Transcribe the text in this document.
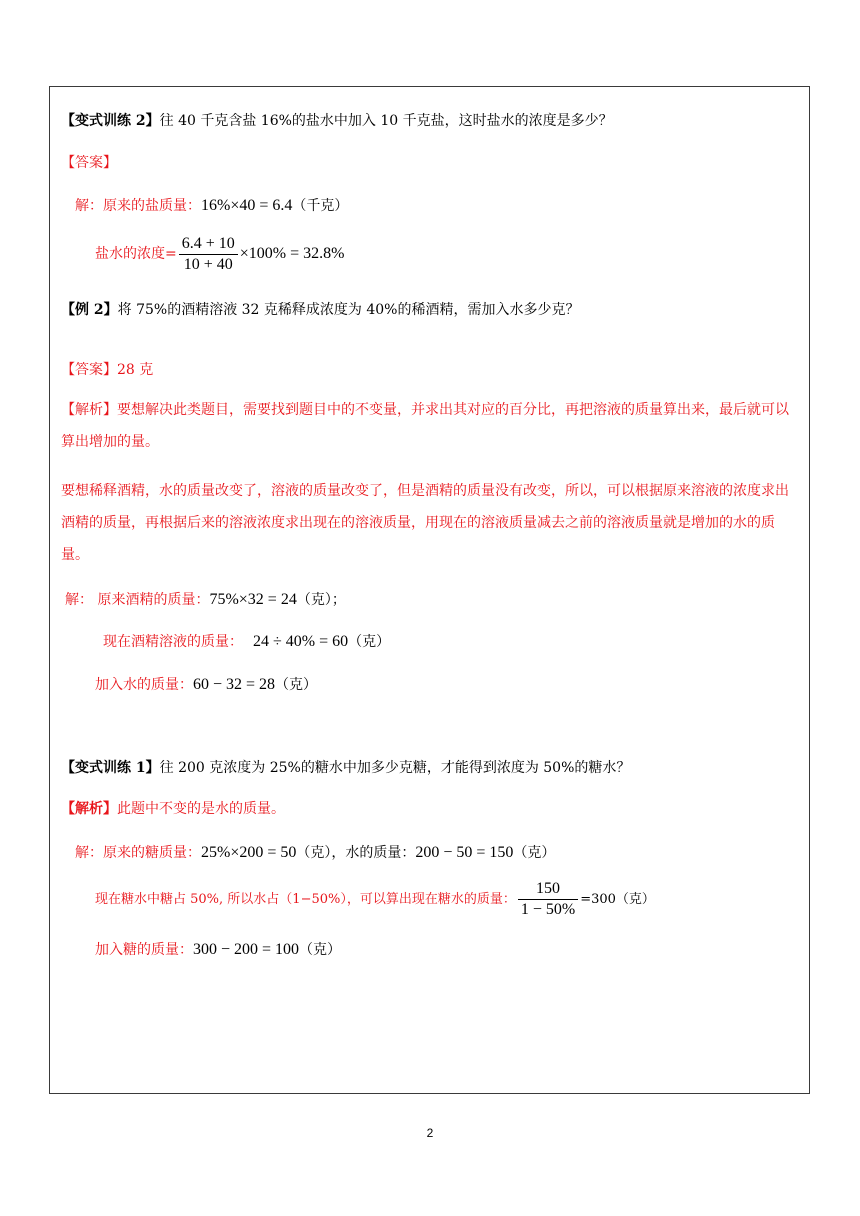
【变式训练 2】往 40 千克含盐 16%的盐水中加入 10 千克盐，这时盐水的浓度是多少？
【答案】
解：原来的盐质量：16%×40 = 6.4（千克）
盐水的浓度= $\frac{6.4 + 10}{10 + 40} \times 100\% = 32.8\%$
【例 2】将 75%的酒精溶液 32 克稀释成浓度为 40%的稀酒精，需加入水多少克？
【答案】28 克
【解析】要想解决此类题目，需要找到题目中的不变量，并求出其对应的百分比，再把溶液的质量算出来，最后就可以算出增加的量。
要想稀释酒精，水的质量改变了，溶液的质量改变了，但是酒精的质量没有改变，所以，可以根据原来溶液的浓度求出酒精的质量，再根据后来的溶液浓度求出现在的溶液质量，用现在的溶液质量减去之前的溶液质量就是增加的水的质量。
解： 原来酒精的质量：75%×32 = 24（克）；
现在酒精溶液的质量： 24 ÷ 40% = 60（克）
加入水的质量：60 − 32 = 28（克）
【变式训练 1】往 200 克浓度为 25%的糖水中加多少克糖，才能得到浓度为 50%的糖水？
【解析】此题中不变的是水的质量。
解：原来的糖质量：25%×200 = 50（克），水的质量：200 − 50 = 150（克）
现在糖水中糖占 50%, 所以水占（1−50%），可以算出现在糖水的质量： $\frac{150}{1 - 50\%} =300$（克）
加入糖的质量：300 − 200 = 100（克）
2
